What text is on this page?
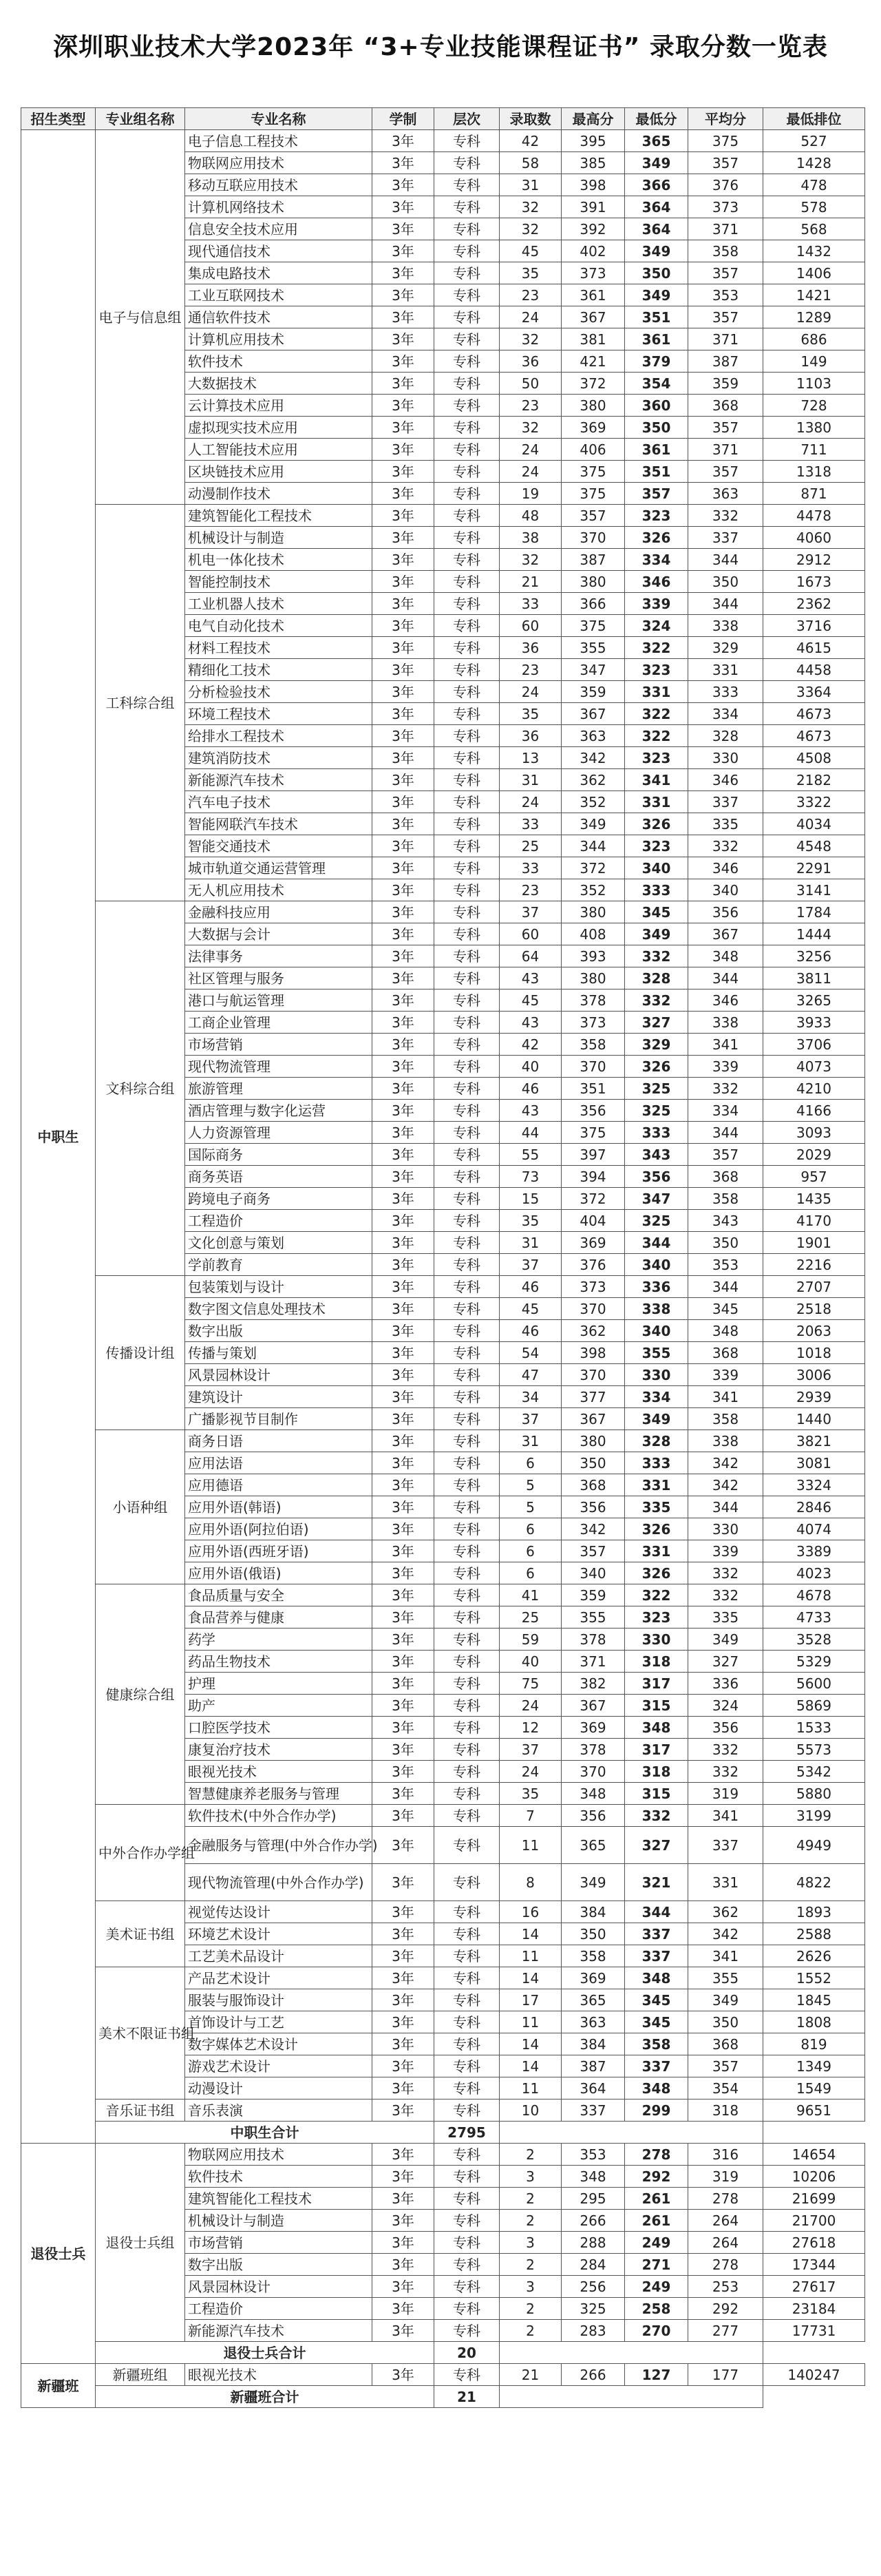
深圳职业技术大学2023年 “3+专业技能课程证书” 录取分数一览表
招生类型	专业组名称	专业名称	学制	层次	录取数	最高分	最低分	平均分	最低排位
中职生	电子与信息组	电子信息工程技术	3年	专科	42	395	365	375	527
		物联网应用技术	3年	专科	58	385	349	357	1428
		移动互联应用技术	3年	专科	31	398	366	376	478
		计算机网络技术	3年	专科	32	391	364	373	578
		信息安全技术应用	3年	专科	32	392	364	371	568
		现代通信技术	3年	专科	45	402	349	358	1432
		集成电路技术	3年	专科	35	373	350	357	1406
		工业互联网技术	3年	专科	23	361	349	353	1421
		通信软件技术	3年	专科	24	367	351	357	1289
		计算机应用技术	3年	专科	32	381	361	371	686
		软件技术	3年	专科	36	421	379	387	149
		大数据技术	3年	专科	50	372	354	359	1103
		云计算技术应用	3年	专科	23	380	360	368	728
		虚拟现实技术应用	3年	专科	32	369	350	357	1380
		人工智能技术应用	3年	专科	24	406	361	371	711
		区块链技术应用	3年	专科	24	375	351	357	1318
		动漫制作技术	3年	专科	19	375	357	363	871
	工科综合组	建筑智能化工程技术	3年	专科	48	357	323	332	4478
		机械设计与制造	3年	专科	38	370	326	337	4060
		机电一体化技术	3年	专科	32	387	334	344	2912
		智能控制技术	3年	专科	21	380	346	350	1673
		工业机器人技术	3年	专科	33	366	339	344	2362
		电气自动化技术	3年	专科	60	375	324	338	3716
		材料工程技术	3年	专科	36	355	322	329	4615
		精细化工技术	3年	专科	23	347	323	331	4458
		分析检验技术	3年	专科	24	359	331	333	3364
		环境工程技术	3年	专科	35	367	322	334	4673
		给排水工程技术	3年	专科	36	363	322	328	4673
		建筑消防技术	3年	专科	13	342	323	330	4508
		新能源汽车技术	3年	专科	31	362	341	346	2182
		汽车电子技术	3年	专科	24	352	331	337	3322
		智能网联汽车技术	3年	专科	33	349	326	335	4034
		智能交通技术	3年	专科	25	344	323	332	4548
		城市轨道交通运营管理	3年	专科	33	372	340	346	2291
		无人机应用技术	3年	专科	23	352	333	340	3141
	文科综合组	金融科技应用	3年	专科	37	380	345	356	1784
		大数据与会计	3年	专科	60	408	349	367	1444
		法律事务	3年	专科	64	393	332	348	3256
		社区管理与服务	3年	专科	43	380	328	344	3811
		港口与航运管理	3年	专科	45	378	332	346	3265
		工商企业管理	3年	专科	43	373	327	338	3933
		市场营销	3年	专科	42	358	329	341	3706
		现代物流管理	3年	专科	40	370	326	339	4073
		旅游管理	3年	专科	46	351	325	332	4210
		酒店管理与数字化运营	3年	专科	43	356	325	334	4166
		人力资源管理	3年	专科	44	375	333	344	3093
		国际商务	3年	专科	55	397	343	357	2029
		商务英语	3年	专科	73	394	356	368	957
		跨境电子商务	3年	专科	15	372	347	358	1435
		工程造价	3年	专科	35	404	325	343	4170
		文化创意与策划	3年	专科	31	369	344	350	1901
		学前教育	3年	专科	37	376	340	353	2216
	传播设计组	包装策划与设计	3年	专科	46	373	336	344	2707
		数字图文信息处理技术	3年	专科	45	370	338	345	2518
		数字出版	3年	专科	46	362	340	348	2063
		传播与策划	3年	专科	54	398	355	368	1018
		风景园林设计	3年	专科	47	370	330	339	3006
		建筑设计	3年	专科	34	377	334	341	2939
		广播影视节目制作	3年	专科	37	367	349	358	1440
	小语种组	商务日语	3年	专科	31	380	328	338	3821
		应用法语	3年	专科	6	350	333	342	3081
		应用德语	3年	专科	5	368	331	342	3324
		应用外语(韩语)	3年	专科	5	356	335	344	2846
		应用外语(阿拉伯语)	3年	专科	6	342	326	330	4074
		应用外语(西班牙语)	3年	专科	6	357	331	339	3389
		应用外语(俄语)	3年	专科	6	340	326	332	4023
	健康综合组	食品质量与安全	3年	专科	41	359	322	332	4678
		食品营养与健康	3年	专科	25	355	323	335	4733
		药学	3年	专科	59	378	330	349	3528
		药品生物技术	3年	专科	40	371	318	327	5329
		护理	3年	专科	75	382	317	336	5600
		助产	3年	专科	24	367	315	324	5869
		口腔医学技术	3年	专科	12	369	348	356	1533
		康复治疗技术	3年	专科	37	378	317	332	5573
		眼视光技术	3年	专科	24	370	318	332	5342
		智慧健康养老服务与管理	3年	专科	35	348	315	319	5880
	中外合作办学组	软件技术(中外合作办学)	3年	专科	7	356	332	341	3199
		金融服务与管理(中外合作办学)	3年	专科	11	365	327	337	4949
		现代物流管理(中外合作办学)	3年	专科	8	349	321	331	4822
	美术证书组	视觉传达设计	3年	专科	16	384	344	362	1893
		环境艺术设计	3年	专科	14	350	337	342	2588
		工艺美术品设计	3年	专科	11	358	337	341	2626
	美术不限证书组	产品艺术设计	3年	专科	14	369	348	355	1552
		服装与服饰设计	3年	专科	17	365	345	349	1845
		首饰设计与工艺	3年	专科	11	363	345	350	1808
		数字媒体艺术设计	3年	专科	14	384	358	368	819
		游戏艺术设计	3年	专科	14	387	337	357	1349
		动漫设计	3年	专科	11	364	348	354	1549
	音乐证书组	音乐表演	3年	专科	10	337	299	318	9651
	中职生合计			2795					
退役士兵	退役士兵组	物联网应用技术	3年	专科	2	353	278	316	14654
		软件技术	3年	专科	3	348	292	319	10206
		建筑智能化工程技术	3年	专科	2	295	261	278	21699
		机械设计与制造	3年	专科	2	266	261	264	21700
		市场营销	3年	专科	3	288	249	264	27618
		数字出版	3年	专科	2	284	271	278	17344
		风景园林设计	3年	专科	3	256	249	253	27617
		工程造价	3年	专科	2	325	258	292	23184
		新能源汽车技术	3年	专科	2	283	270	277	17731
	退役士兵合计			20					
新疆班	新疆班组	眼视光技术	3年	专科	21	266	127	177	140247
	新疆班合计			21					
